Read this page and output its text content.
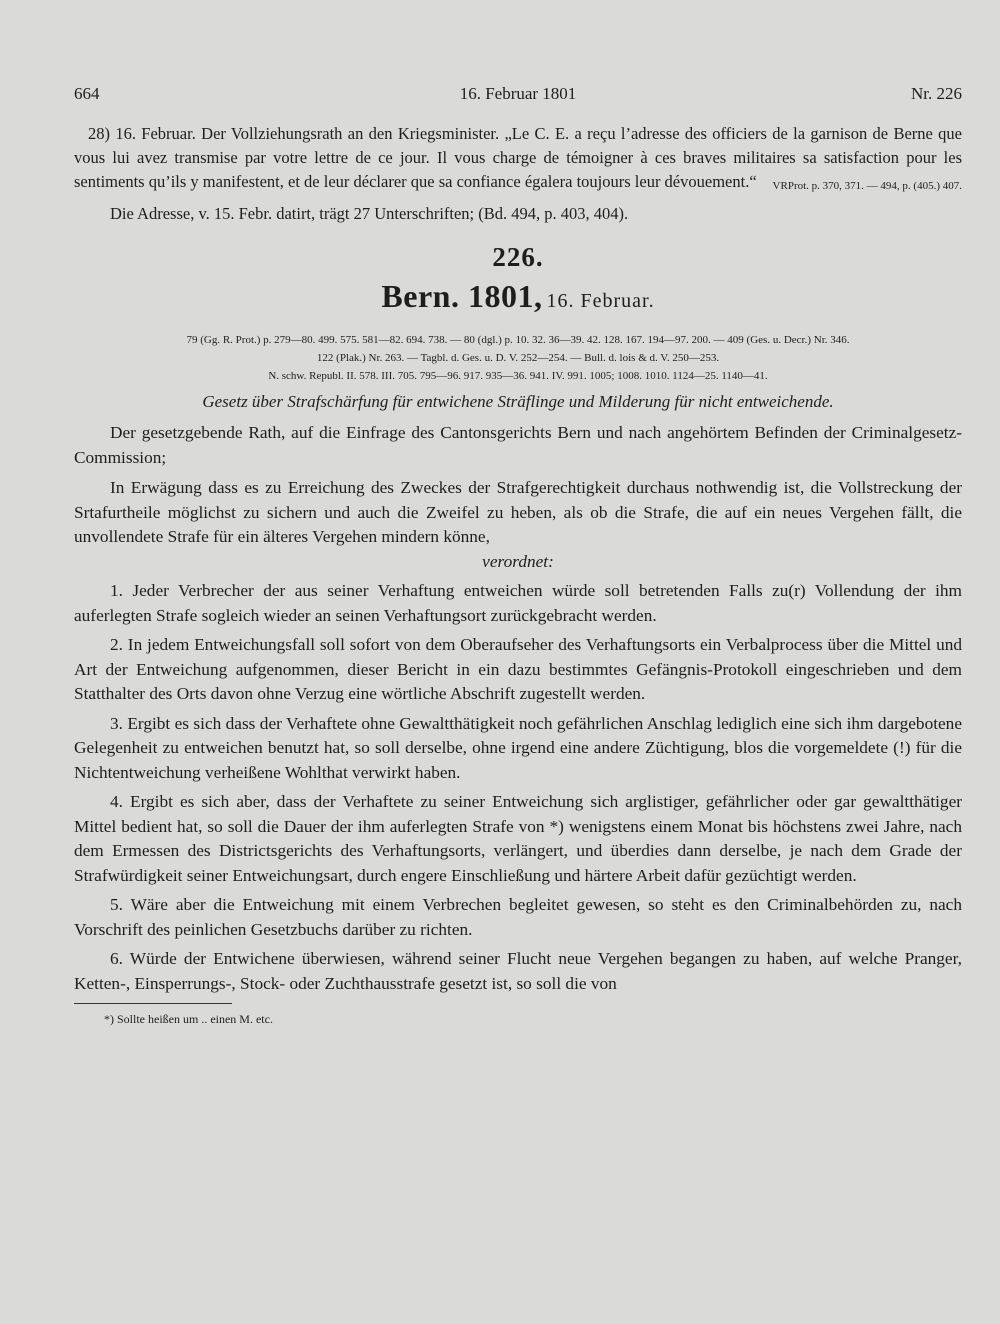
664	16. Februar 1801	Nr. 226

28) 16. Februar. Der Vollziehungsrath an den Kriegsminister. „Le C. E. a reçu l’adresse des officiers de la garnison de Berne que vous lui avez transmise par votre lettre de ce jour. Il vous charge de témoigner à ces braves militaires sa satisfaction pour les sentiments qu’ils y manifestent, et de leur déclarer que sa confiance égalera toujours leur dévouement.“	VRProt. p. 370, 371. — 494, p. (405.) 407.

Die Adresse, v. 15. Febr. datirt, trägt 27 Unterschriften; (Bd. 494, p. 403, 404).

226.
Bern. 1801, 16. Februar.
79 (Gg. R. Prot.) p. 279—80. 499. 575. 581—82. 694. 738. — 80 (dgl.) p. 10. 32. 36—39. 42. 128. 167. 194—97. 200. — 409 (Ges. u. Decr.) Nr. 346.
122 (Plak.) Nr. 263. — Tagbl. d. Ges. u. D. V. 252—254. — Bull. d. lois & d. V. 250—253.
N. schw. Republ. II. 578. III. 705. 795—96. 917. 935—36. 941. IV. 991. 1005; 1008. 1010. 1124—25. 1140—41.
Gesetz über Strafschärfung für entwichene Sträflinge und Milderung für nicht entweichende.

Der gesetzgebende Rath, auf die Einfrage des Cantonsgerichts Bern und nach angehörtem Befinden der Criminalgesetz-Commission;

In Erwägung dass es zu Erreichung des Zweckes der Strafgerechtigkeit durchaus nothwendig ist, die Vollstreckung der Srtafurtheile möglichst zu sichern und auch die Zweifel zu heben, als ob die Strafe, die auf ein neues Vergehen fällt, die unvollendete Strafe für ein älteres Vergehen mindern könne,

verordnet:

1. Jeder Verbrecher der aus seiner Verhaftung entweichen würde soll betretenden Falls zu(r) Vollendung der ihm auferlegten Strafe sogleich wieder an seinen Verhaftungsort zurückgebracht werden.

2. In jedem Entweichungsfall soll sofort von dem Oberaufseher des Verhaftungsorts ein Verbalprocess über die Mittel und Art der Entweichung aufgenommen, dieser Bericht in ein dazu bestimmtes Gefängnis-Protokoll eingeschrieben und dem Statthalter des Orts davon ohne Verzug eine wörtliche Abschrift zugestellt werden.

3. Ergibt es sich dass der Verhaftete ohne Gewaltthätigkeit noch gefährlichen Anschlag lediglich eine sich ihm dargebotene Gelegenheit zu entweichen benutzt hat, so soll derselbe, ohne irgend eine andere Züchtigung, blos die vorgemeldete (!) für die Nichtentweichung verheißene Wohlthat verwirkt haben.

4. Ergibt es sich aber, dass der Verhaftete zu seiner Entweichung sich arglistiger, gefährlicher oder gar gewaltthätiger Mittel bedient hat, so soll die Dauer der ihm auferlegten Strafe von *) wenigstens einem Monat bis höchstens zwei Jahre, nach dem Ermessen des Districtsgerichts des Verhaftungsorts, verlängert, und überdies dann derselbe, je nach dem Grade der Strafwürdigkeit seiner Entweichungsart, durch engere Einschließung und härtere Arbeit dafür gezüchtigt werden.

5. Wäre aber die Entweichung mit einem Verbrechen begleitet gewesen, so steht es den Criminalbehörden zu, nach Vorschrift des peinlichen Gesetzbuchs darüber zu richten.

6. Würde der Entwichene überwiesen, während seiner Flucht neue Vergehen begangen zu haben, auf welche Pranger, Ketten-, Einsperrungs-, Stock- oder Zuchthausstrafe gesetzt ist, so soll die von

*) Sollte heißen um .. einen M. etc.
